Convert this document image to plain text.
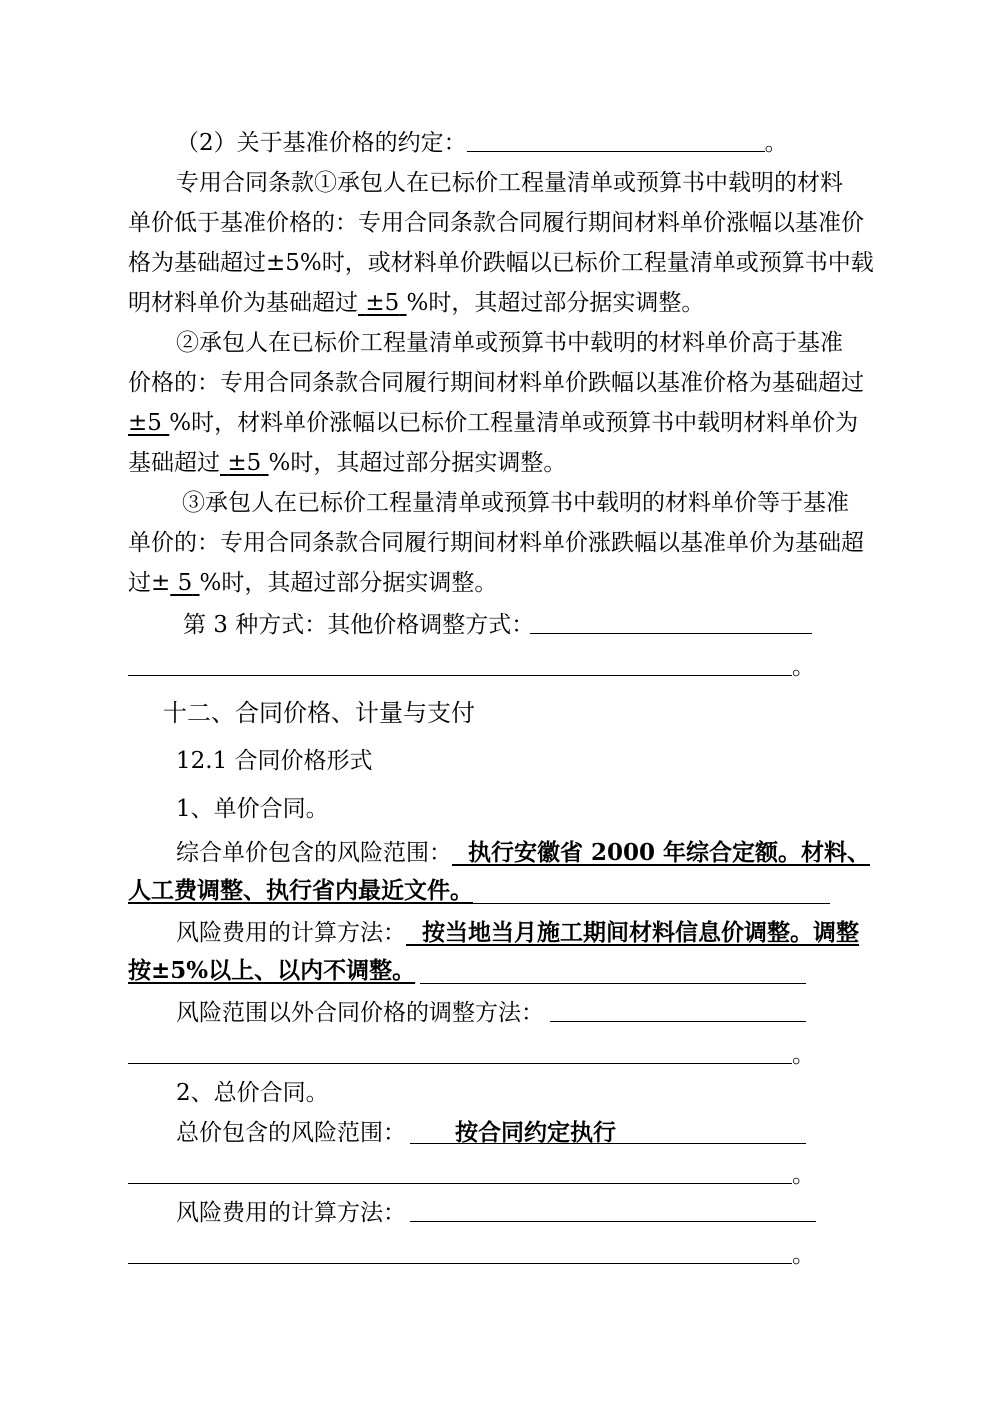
（2）关于基准价格的约定：	。
专用合同条款①承包人在已标价工程量清单或预算书中载明的材料
单价低于基准价格的：专用合同条款合同履行期间材料单价涨幅以基准价
格为基础超过±5%时，或材料单价跌幅以已标价工程量清单或预算书中载
明材料单价为基础超过 ±5 %时，其超过部分据实调整。
②承包人在已标价工程量清单或预算书中载明的材料单价高于基准
价格的：专用合同条款合同履行期间材料单价跌幅以基准价格为基础超过
±5 %时，材料单价涨幅以已标价工程量清单或预算书中载明材料单价为
基础超过 ±5 %时，其超过部分据实调整。
③承包人在已标价工程量清单或预算书中载明的材料单价等于基准
单价的：专用合同条款合同履行期间材料单价涨跌幅以基准单价为基础超
过± 5 %时，其超过部分据实调整。
第 3 种方式：其他价格调整方式：
。
十二、合同价格、计量与支付
12.1 合同价格形式
1、单价合同。
综合单价包含的风险范围： 执行安徽省 2000 年综合定额。材料、
人工费调整、执行省内最近文件。
风险费用的计算方法： 按当地当月施工期间材料信息价调整。调整
按±5%以上、以内不调整。
风险范围以外合同价格的调整方法：
。
2、总价合同。
总价包含的风险范围： 按合同约定执行
。
风险费用的计算方法：
。
